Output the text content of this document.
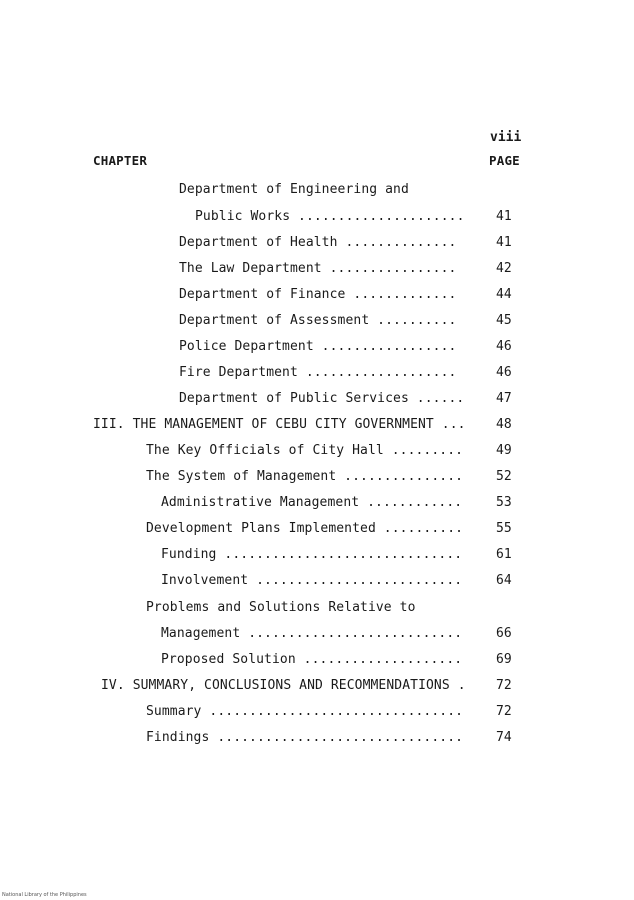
viii
CHAPTER	PAGE
Department of Engineering and
Public Works ..................... 41
Department of Health ..............	41
The Law Department ................	42
Department of Finance .............	44
Department of Assessment ..........	45
Police Department .................	46
Fire Department ...................	46
Department of Public Services ...... 47
III. THE MANAGEMENT OF CEBU CITY GOVERNMENT ... 48
The Key Officials of City Hall .........	49
The System of Management ...............	52
Administrative Management ............	53
Development Plans Implemented ..........	55
Funding ..............................	61
Involvement ..........................	64
Problems and Solutions Relative to
Management ...........................	66
Proposed Solution ....................	69
IV. SUMMARY, CONCLUSIONS AND RECOMMENDATIONS . 72
Summary ................................	72
Findings ...............................	74
National Library of the Philippines
